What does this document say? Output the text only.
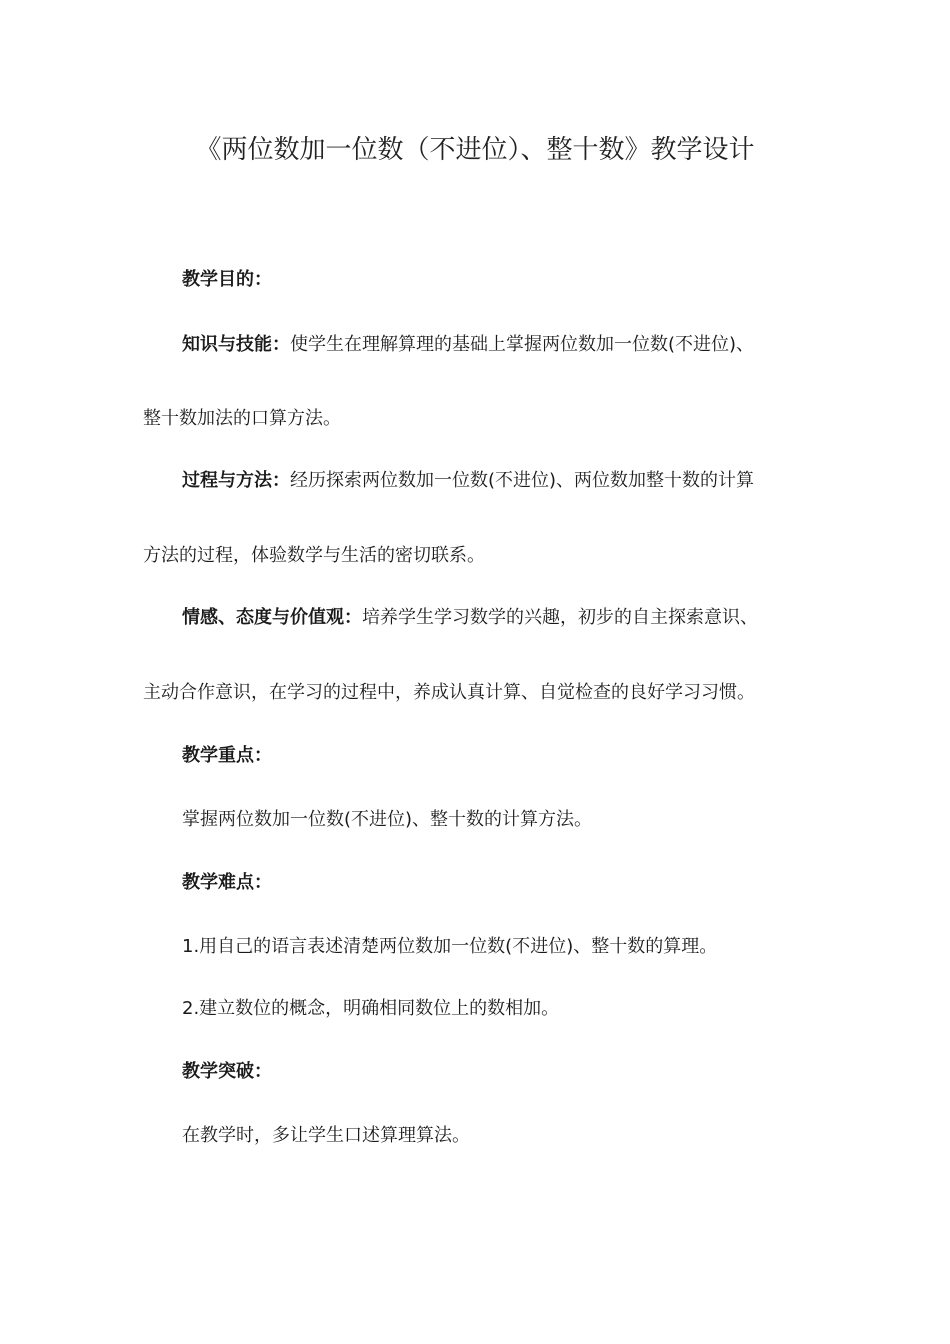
《两位数加一位数（不进位）、整十数》教学设计
教学目的：
知识与技能：使学生在理解算理的基础上掌握两位数加一位数(不进位)、
整十数加法的口算方法。
过程与方法：经历探索两位数加一位数(不进位)、两位数加整十数的计算
方法的过程，体验数学与生活的密切联系。
情感、态度与价值观：培养学生学习数学的兴趣，初步的自主探索意识、
主动合作意识，在学习的过程中，养成认真计算、自觉检查的良好学习习惯。
教学重点：
掌握两位数加一位数(不进位)、整十数的计算方法。
教学难点：
1.用自己的语言表述清楚两位数加一位数(不进位)、整十数的算理。
2.建立数位的概念，明确相同数位上的数相加。
教学突破：
在教学时，多让学生口述算理算法。
